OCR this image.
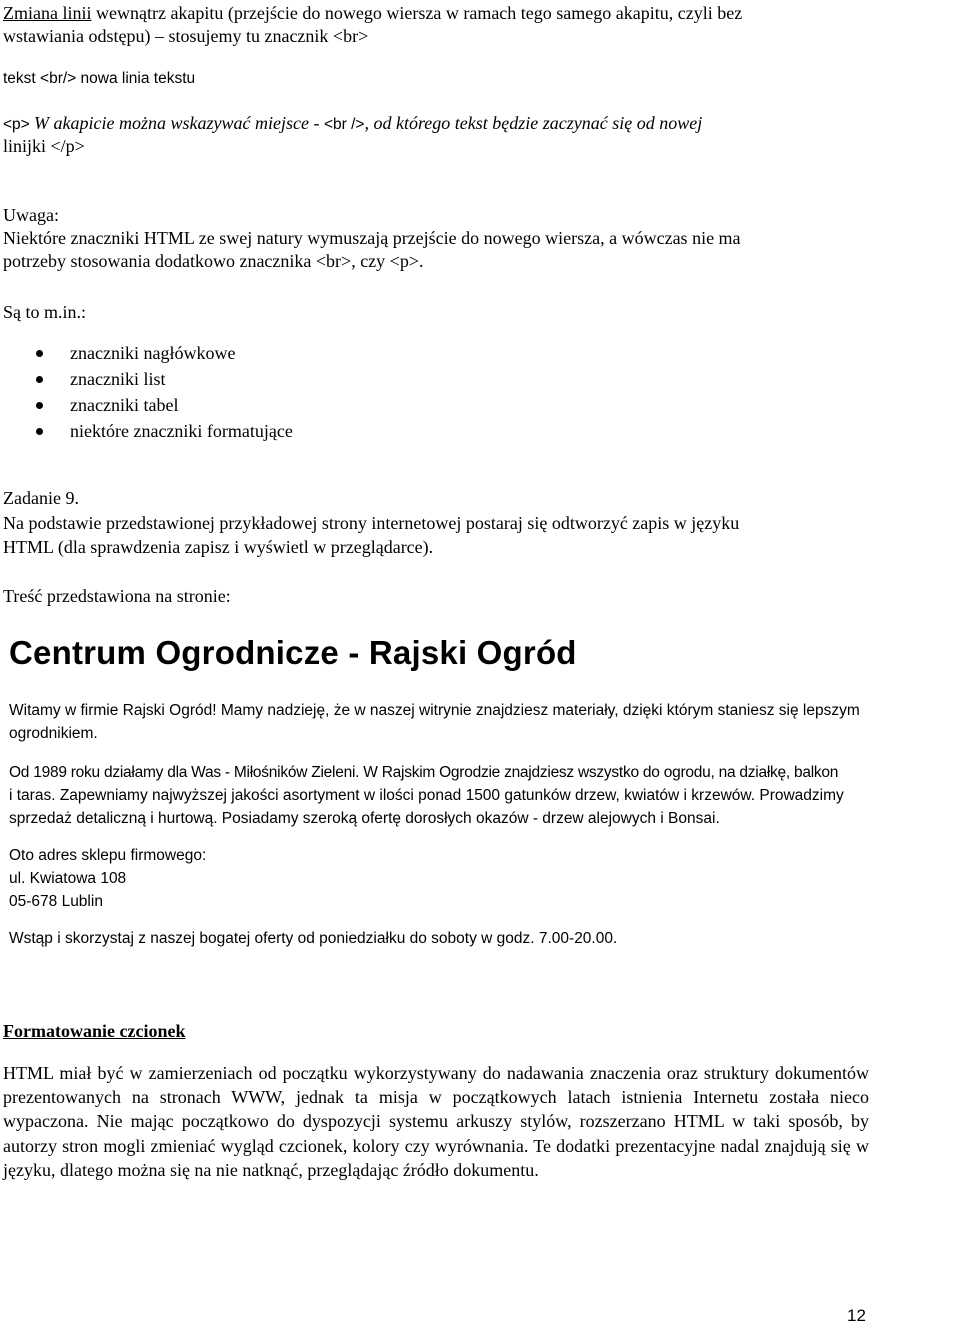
Zmiana linii wewnątrz akapitu (przejście do nowego wiersza w ramach tego samego akapitu, czyli bez
wstawiania odstępu) – stosujemy tu znacznik <br>
tekst <br/> nowa linia tekstu
<p> W akapicie można wskazywać miejsce - <br />, od którego tekst będzie zaczynać się od nowej
linijki </p>
Uwaga:
Niektóre znaczniki HTML ze swej natury wymuszają przejście do nowego wiersza, a wówczas nie ma
potrzeby stosowania dodatkowo znacznika <br>, czy <p>.
Są to m.in.:
znaczniki nagłówkowe
znaczniki list
znaczniki tabel
niektóre znaczniki formatujące
Zadanie 9.
Na podstawie przedstawionej przykładowej strony internetowej postaraj się odtworzyć zapis w języku
HTML (dla sprawdzenia zapisz i wyświetl w przeglądarce).
Treść przedstawiona na stronie:
Centrum Ogrodnicze - Rajski Ogród

Witamy w firmie Rajski Ogród! Mamy nadzieję, że w naszej witrynie znajdziesz materiały, dzięki którym staniesz się lepszym

ogrodnikiem.

Od 1989 roku działamy dla Was - Miłośników Zieleni. W Rajskim Ogrodzie znajdziesz wszystko do ogrodu, na działkę, balkon

i taras. Zapewniamy najwyższej jakości asortyment w ilości ponad 1500 gatunków drzew, kwiatów i krzewów. Prowadzimy

sprzedaż detaliczną i hurtową. Posiadamy szeroką ofertę dorosłych okazów - drzew alejowych i Bonsai.

Oto adres sklepu firmowego:

ul. Kwiatowa 108

05-678 Lublin

Wstąp i skorzystaj z naszej bogatej oferty od poniedziałku do soboty w godz. 7.00-20.00.

Formatowanie czcionek
HTML miał być w zamierzeniach od początku wykorzystywany do nadawania znaczenia oraz struktury dokumentów prezentowanych na stronach WWW, jednak ta misja w początkowych latach istnienia Internetu została nieco wypaczona. Nie mając początkowo do dyspozycji systemu arkuszy stylów, rozszerzano HTML w taki sposób, by autorzy stron mogli zmieniać wygląd czcionek, kolory czy wyrównania. Te dodatki prezentacyjne nadal znajdują się w języku, dlatego można się na nie natknąć, przeglądając źródło dokumentu.
12
